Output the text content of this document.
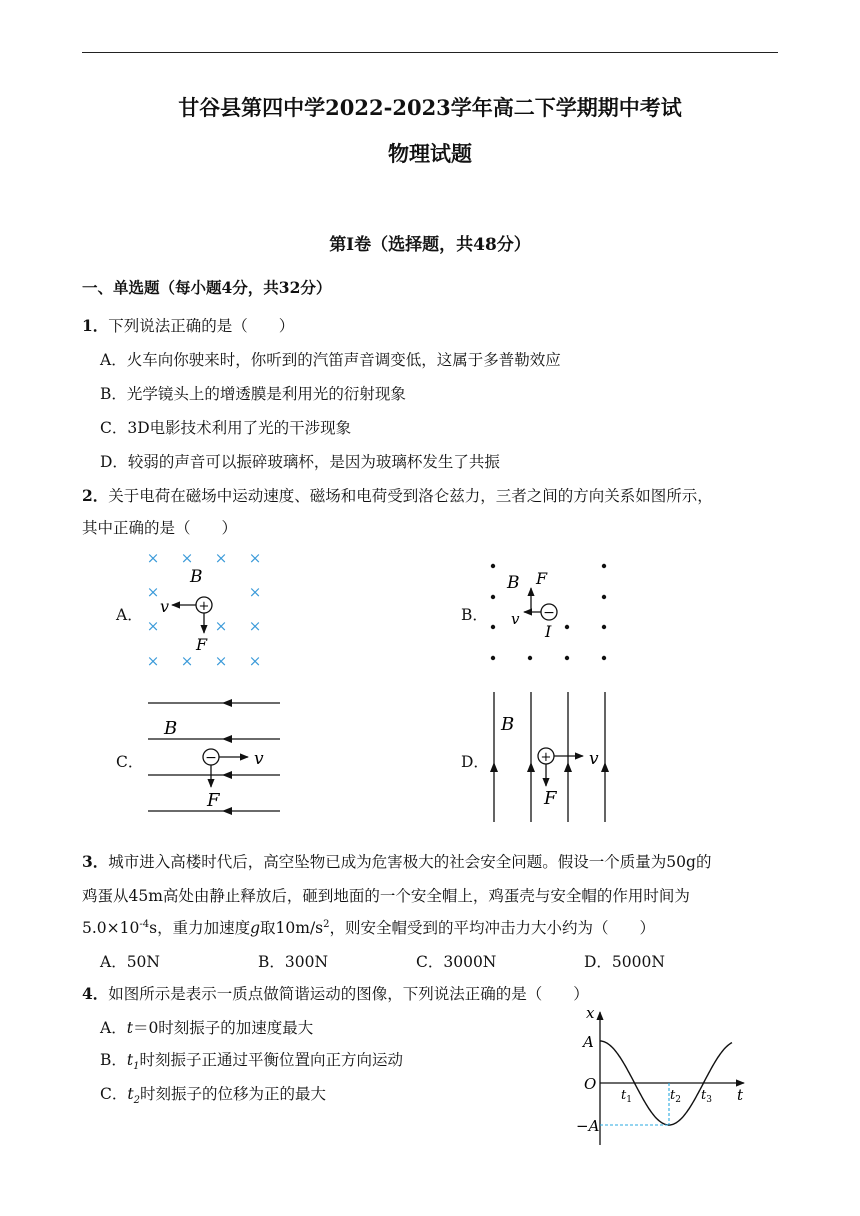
甘谷县第四中学2022-2023学年高二下学期期中考试
物理试题
第Ⅰ卷（选择题，共48分）
一、单选题（每小题4分，共32分）
1．下列说法正确的是（　　）
A．火车向你驶来时，你听到的汽笛声音调变低，这属于多普勒效应
B．光学镜头上的增透膜是利用光的衍射现象
C．3D电影技术利用了光的干涉现象
D．较弱的声音可以振碎玻璃杯，是因为玻璃杯发生了共振
2．关于电荷在磁场中运动速度、磁场和电荷受到洛仑兹力，三者之间的方向关系如图所示，
其中正确的是（　　）
A．	B．
C．	D．
× × × ×
×	×
×	× ×
× × × ×
B
+
v
F
B
−
v
F
I
B
− v
F
B
+ v
F
x
A
O
−A
t
$t_1$	$t_2$ $t_3$
3．城市进入高楼时代后，高空坠物已成为危害极大的社会安全问题。假设一个质量为50g的
鸡蛋从45m高处由静止释放后，砸到地面的一个安全帽上，鸡蛋壳与安全帽的作用时间为
$5.0\times 10^{-4}s$，重力加速度g取$10m/s^2$，则安全帽受到的平均冲击力大小约为（　　）
A．50N	B．300N	C．3000N	D．5000N
4．如图所示是表示一质点做简谐运动的图像，下列说法正确的是（　　）
A．t＝0时刻振子的加速度最大
B．$t_1$时刻振子正通过平衡位置向正方向运动
C．$t_2$时刻振子的位移为正的最大
